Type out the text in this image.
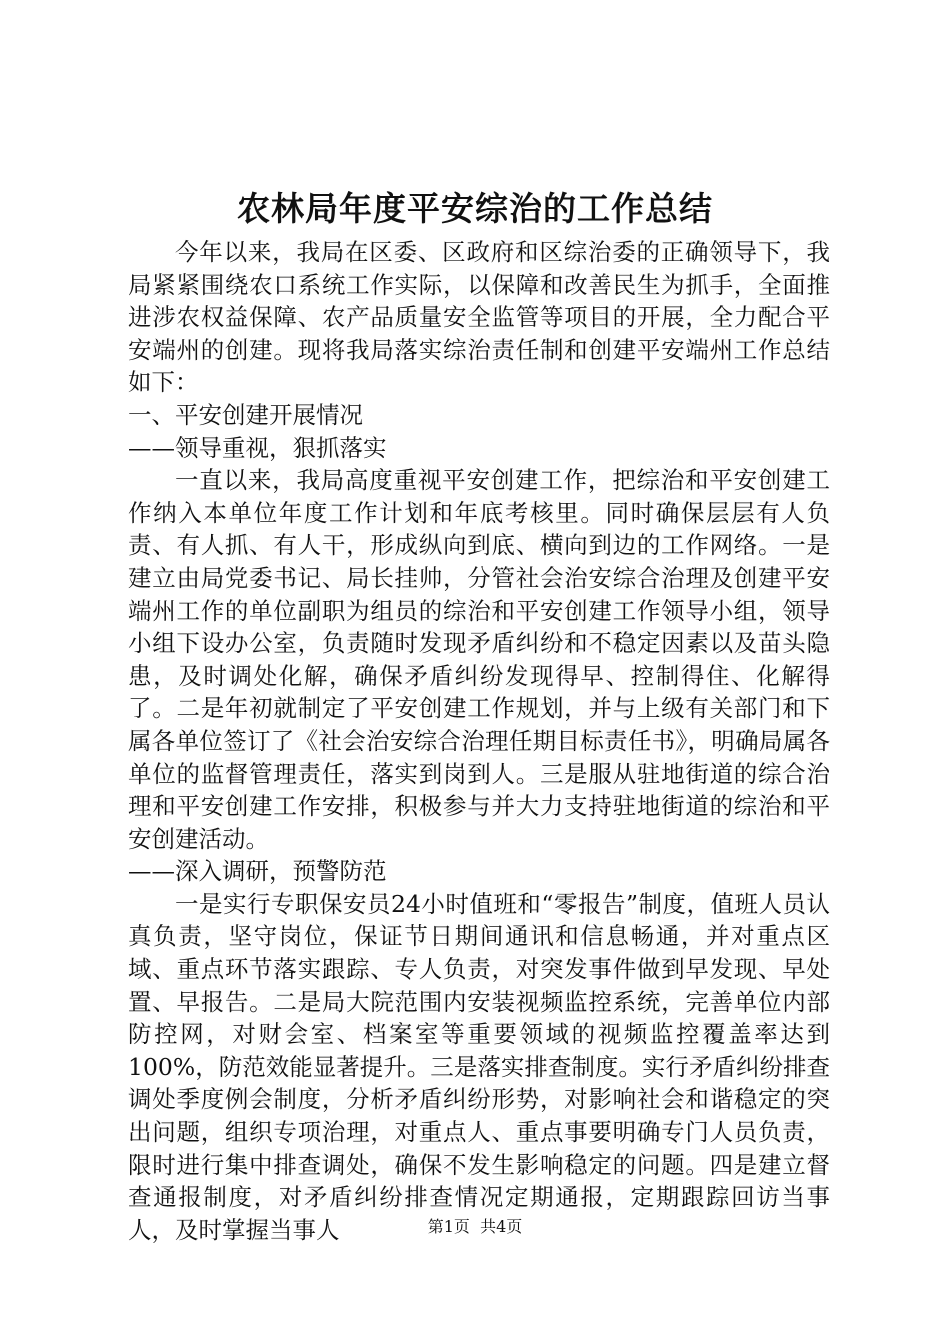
农林局年度平安综治的工作总结

今年以来，我局在区委、区政府和区综治委的正确领导下，我局紧紧围绕农口系统工作实际，以保障和改善民生为抓手，全面推进涉农权益保障、农产品质量安全监管等项目的开展，全力配合平安端州的创建。现将我局落实综治责任制和创建平安端州工作总结如下：

一、平安创建开展情况

——领导重视，狠抓落实

一直以来，我局高度重视平安创建工作，把综治和平安创建工作纳入本单位年度工作计划和年底考核里。同时确保层层有人负责、有人抓、有人干，形成纵向到底、横向到边的工作网络。一是建立由局党委书记、局长挂帅，分管社会治安综合治理及创建平安端州工作的单位副职为组员的综治和平安创建工作领导小组，领导小组下设办公室，负责随时发现矛盾纠纷和不稳定因素以及苗头隐患，及时调处化解，确保矛盾纠纷发现得早、控制得住、化解得了。二是年初就制定了平安创建工作规划，并与上级有关部门和下属各单位签订了《社会治安综合治理任期目标责任书》，明确局属各单位的监督管理责任，落实到岗到人。三是服从驻地街道的综合治理和平安创建工作安排，积极参与并大力支持驻地街道的综治和平安创建活动。

——深入调研，预警防范

一是实行专职保安员24小时值班和“零报告”制度，值班人员认真负责，坚守岗位，保证节日期间通讯和信息畅通，并对重点区域、重点环节落实跟踪、专人负责，对突发事件做到早发现、早处置、早报告。二是局大院范围内安装视频监控系统，完善单位内部防控网，对财会室、档案室等重要领域的视频监控覆盖率达到100%，防范效能显著提升。三是落实排查制度。实行矛盾纠纷排查调处季度例会制度，分析矛盾纠纷形势，对影响社会和谐稳定的突出问题，组织专项治理，对重点人、重点事要明确专门人员负责，限时进行集中排查调处，确保不发生影响稳定的问题。四是建立督查通报制度，对矛盾纠纷排查情况定期通报，定期跟踪回访当事人，及时掌握当事人	第1页  共4页
